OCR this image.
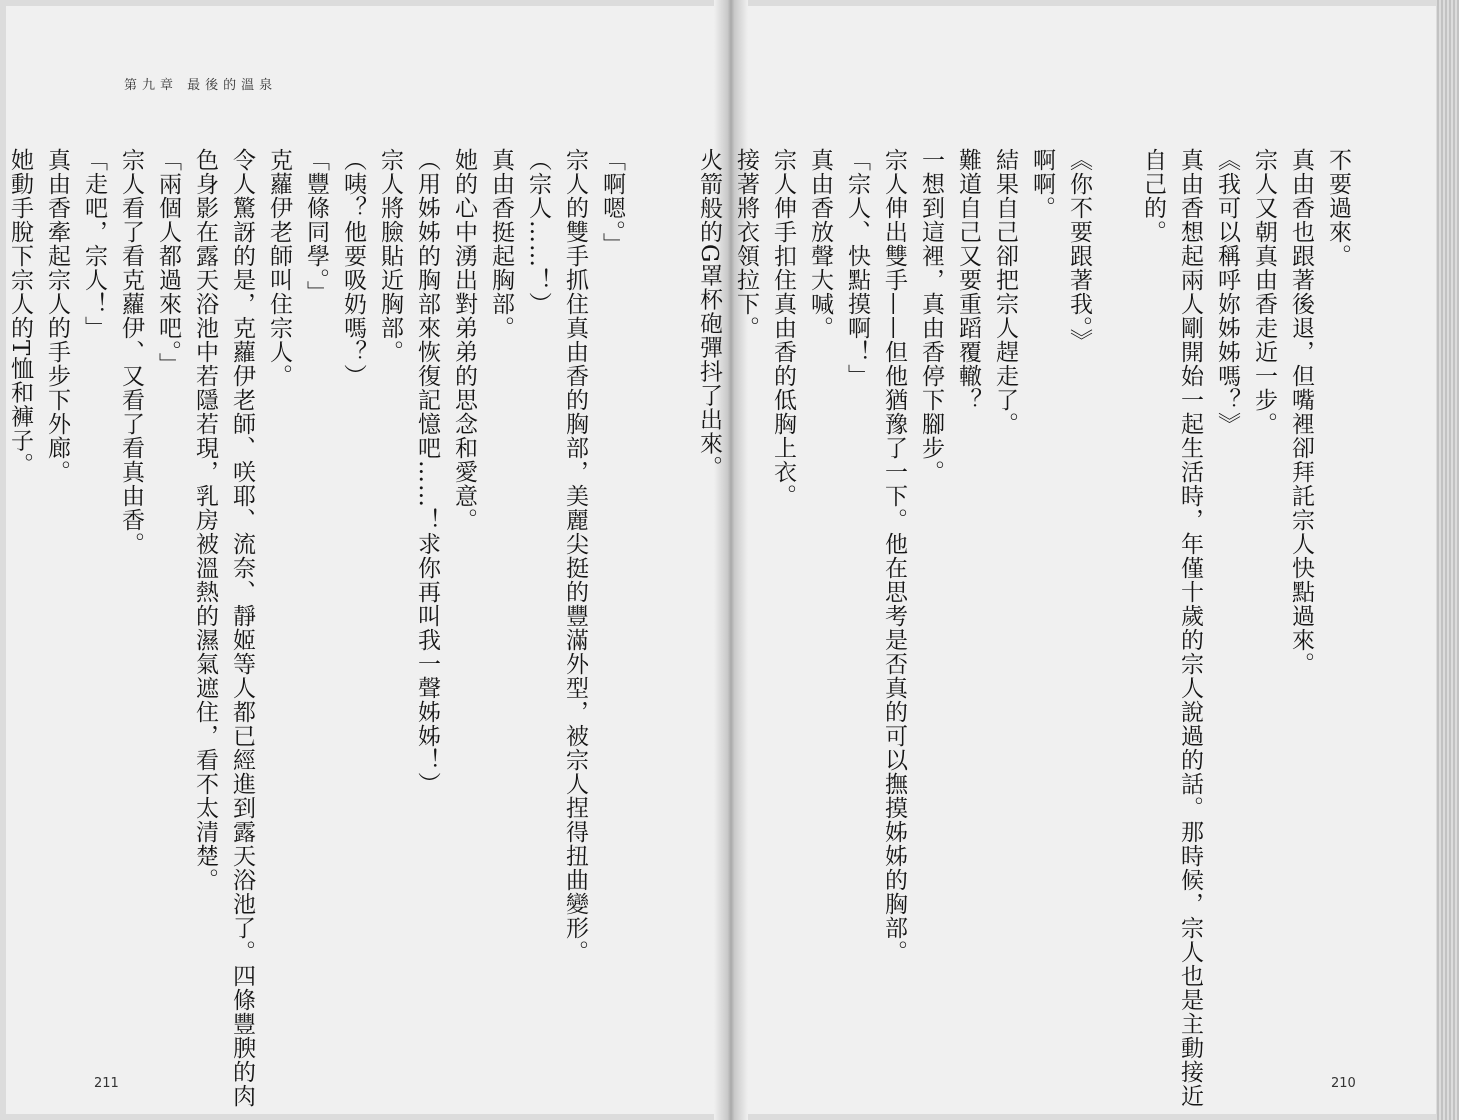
第九章 最後的溫泉
211	210
「啊嗯。」
宗人的雙手抓住真由香的胸部，美麗尖挺的豐滿外型，被宗人捏得扭曲變形。
（宗人……！）
真由香挺起胸部。
她的心中湧出對弟弟的思念和愛意。
（用姊姊的胸部來恢復記憶吧……！求你再叫我一聲姊姊！）
宗人將臉貼近胸部。
（咦？他要吸奶嗎？）
「豐條同學。」
克蘿伊老師叫住宗人。
令人驚訝的是，克蘿伊老師、咲耶、流奈、靜姬等人都已經進到露天浴池了。四條豐腴的肉
色身影在露天浴池中若隱若現，乳房被溫熱的濕氣遮住，看不太清楚。
「兩個人都過來吧。」
宗人看了看克蘿伊、又看了看真由香。
「走吧，宗人！」
真由香牽起宗人的手步下外廊。
她動手脫下宗人的T恤和褲子。	不要過來。
真由香也跟著後退，但嘴裡卻拜託宗人快點過來。
宗人又朝真由香走近一步。
《我可以稱呼妳姊姊嗎？》
真由香想起兩人剛開始一起生活時，年僅十歲的宗人說過的話。那時候，宗人也是主動接近
自己的。
《你不要跟著我。》
啊啊。
結果自己卻把宗人趕走了。
難道自己又要重蹈覆轍？
一想到這裡，真由香停下腳步。
宗人伸出雙手——但他猶豫了一下。他在思考是否真的可以撫摸姊姊的胸部。
「宗人、快點摸啊！」
真由香放聲大喊。
宗人伸手扣住真由香的低胸上衣。
接著將衣領拉下。
火箭般的G罩杯砲彈抖了出來。
